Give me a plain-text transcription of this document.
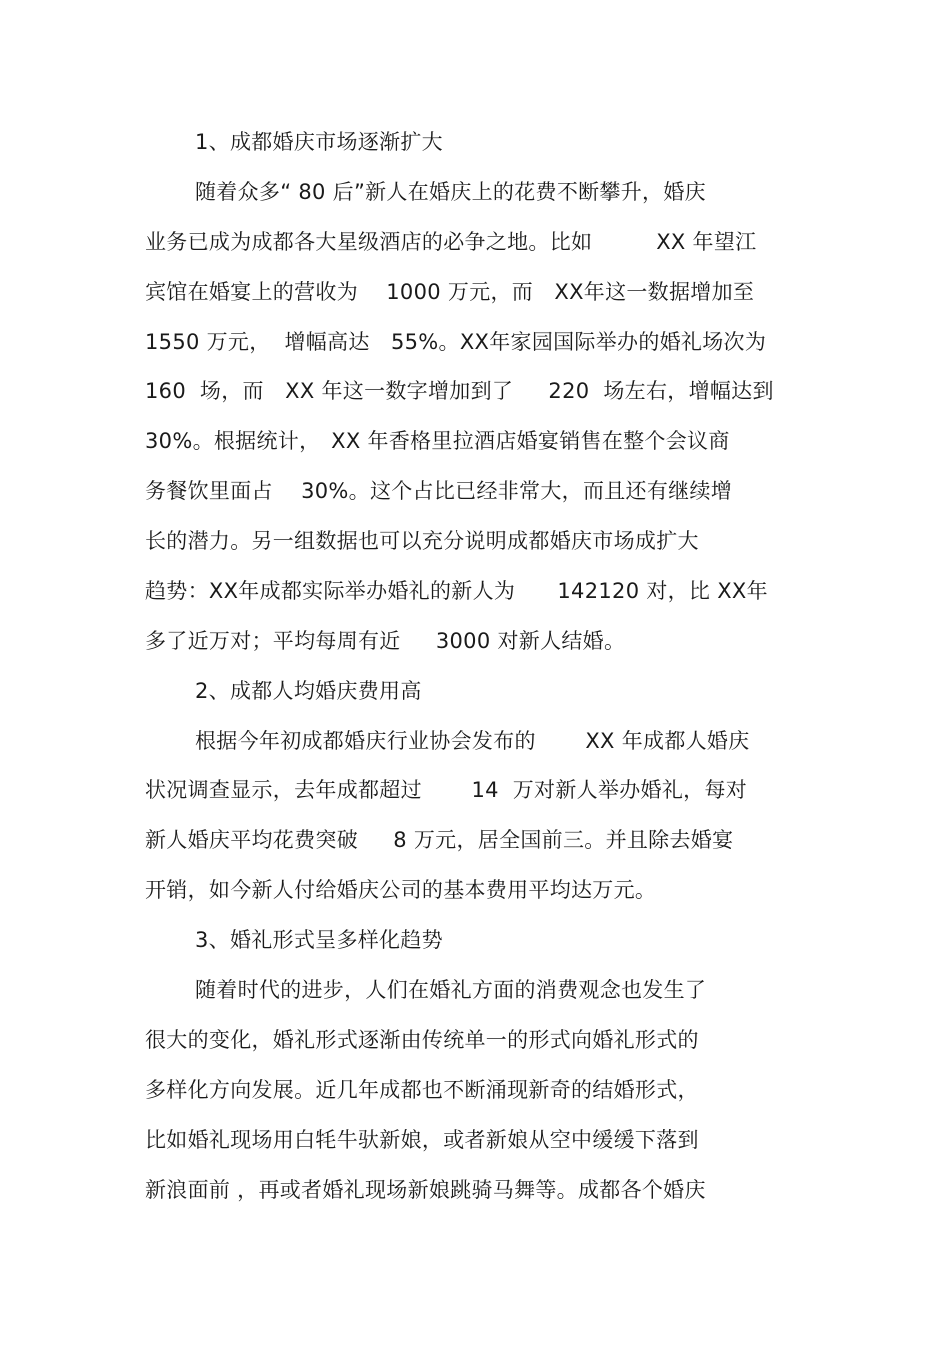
1、成都婚庆市场逐渐扩大
随着众多“ 80 后”新人在婚庆上的花费不断攀升，婚庆
业务已成为成都各大星级酒店的必争之地。比如　　　XX 年望江
宾馆在婚宴上的营收为　 1000 万元，而　XX年这一数据增加至
1550 万元，  增幅高达　55%。XX年家园国际举办的婚礼场次为
160  场，而　XX 年这一数字增加到了　  220  场左右，增幅达到
30%。根据统计，　XX 年香格里拉酒店婚宴销售在整个会议商
务餐饮里面占　 30%。这个占比已经非常大，而且还有继续增
长的潜力。另一组数据也可以充分说明成都婚庆市场成扩大
趋势：XX年成都实际举办婚礼的新人为　   142120 对，比 XX年
多了近万对；平均每周有近　  3000 对新人结婚。
2、成都人均婚庆费用高
根据今年初成都婚庆行业协会发布的　　 XX 年成都人婚庆
状况调查显示，去年成都超过　　 14  万对新人举办婚礼，每对
新人婚庆平均花费突破　  8 万元，居全国前三。并且除去婚宴
开销，如今新人付给婚庆公司的基本费用平均达万元。
3、婚礼形式呈多样化趋势
随着时代的进步，人们在婚礼方面的消费观念也发生了
很大的变化，婚礼形式逐渐由传统单一的形式向婚礼形式的
多样化方向发展。近几年成都也不断涌现新奇的结婚形式，
比如婚礼现场用白牦牛驮新娘，或者新娘从空中缓缓下落到
新浪面前 ，再或者婚礼现场新娘跳骑马舞等。成都各个婚庆
